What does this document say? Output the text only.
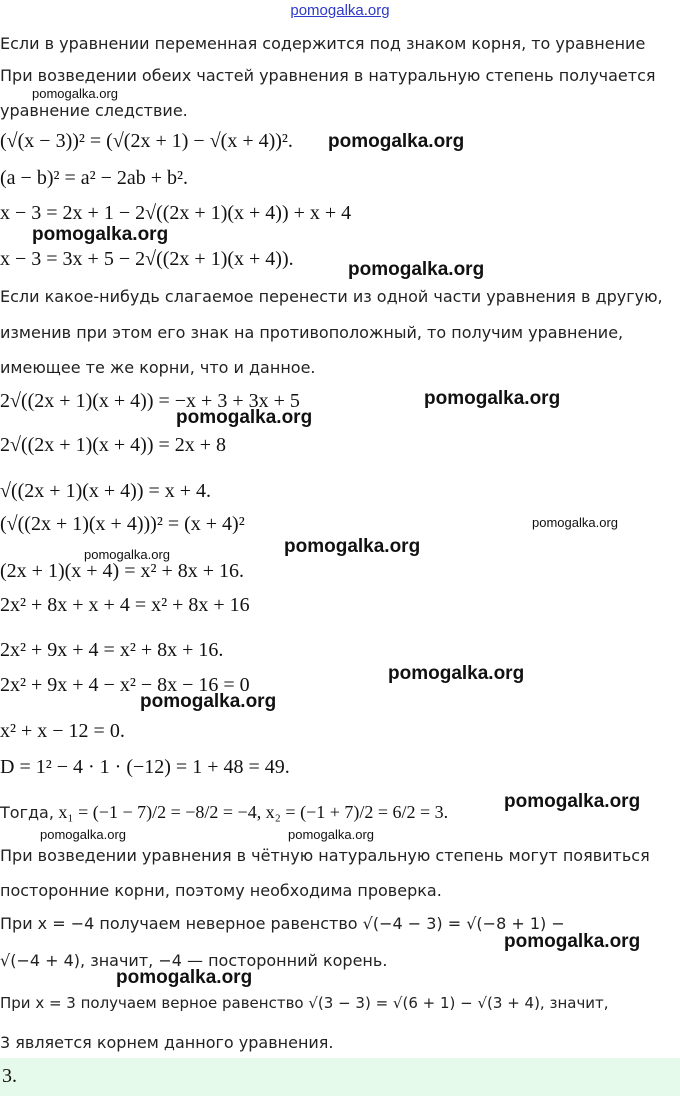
pomogalka.org
Если в уравнении переменная содержится под знаком корня, то уравнение
При возведении обеих частей уравнения в натуральную степень получается
уравнение следствие.
(√(x − 3))² = (√(2x + 1) − √(x + 4))².
(a − b)² = a² − 2ab + b².
x − 3 = 2x + 1 − 2√((2x + 1)(x + 4)) + x + 4
x − 3 = 3x + 5 − 2√((2x + 1)(x + 4)).
Если какое-нибудь слагаемое перенести из одной части уравнения в другую,
изменив при этом его знак на противоположный, то получим уравнение,
имеющее те же корни, что и данное.
2√((2x + 1)(x + 4)) = −x + 3 + 3x + 5
2√((2x + 1)(x + 4)) = 2x + 8
√((2x + 1)(x + 4)) = x + 4.
(√((2x + 1)(x + 4)))² = (x + 4)²
(2x + 1)(x + 4) = x² + 8x + 16.
2x² + 8x + x + 4 = x² + 8x + 16
2x² + 9x + 4 = x² + 8x + 16.
2x² + 9x + 4 − x² − 8x − 16 = 0
x² + x − 12 = 0.
D = 1² − 4 · 1 · (−12) = 1 + 48 = 49.
Тогда, x₁ = (−1 − 7)/2 = −8/2 = −4, x₂ = (−1 + 7)/2 = 6/2 = 3.
При возведении уравнения в чётную натуральную степень могут появиться
посторонние корни, поэтому необходима проверка.
При x = −4 получаем неверное равенство √(−4 − 3) = √(−8 + 1) −
√(−4 + 4), значит, −4 — посторонний корень.
При x = 3 получаем верное равенство √(3 − 3) = √(6 + 1) − √(3 + 4), значит,
3 является корнем данного уравнения.
pomogalka.org
pomogalka.org
pomogalka.org
pomogalka.org
pomogalka.org
pomogalka.org
pomogalka.org
pomogalka.org
pomogalka.org
pomogalka.org
pomogalka.org
pomogalka.org
pomogalka.org	pomogalka.org
pomogalka.org
pomogalka.org
3.
